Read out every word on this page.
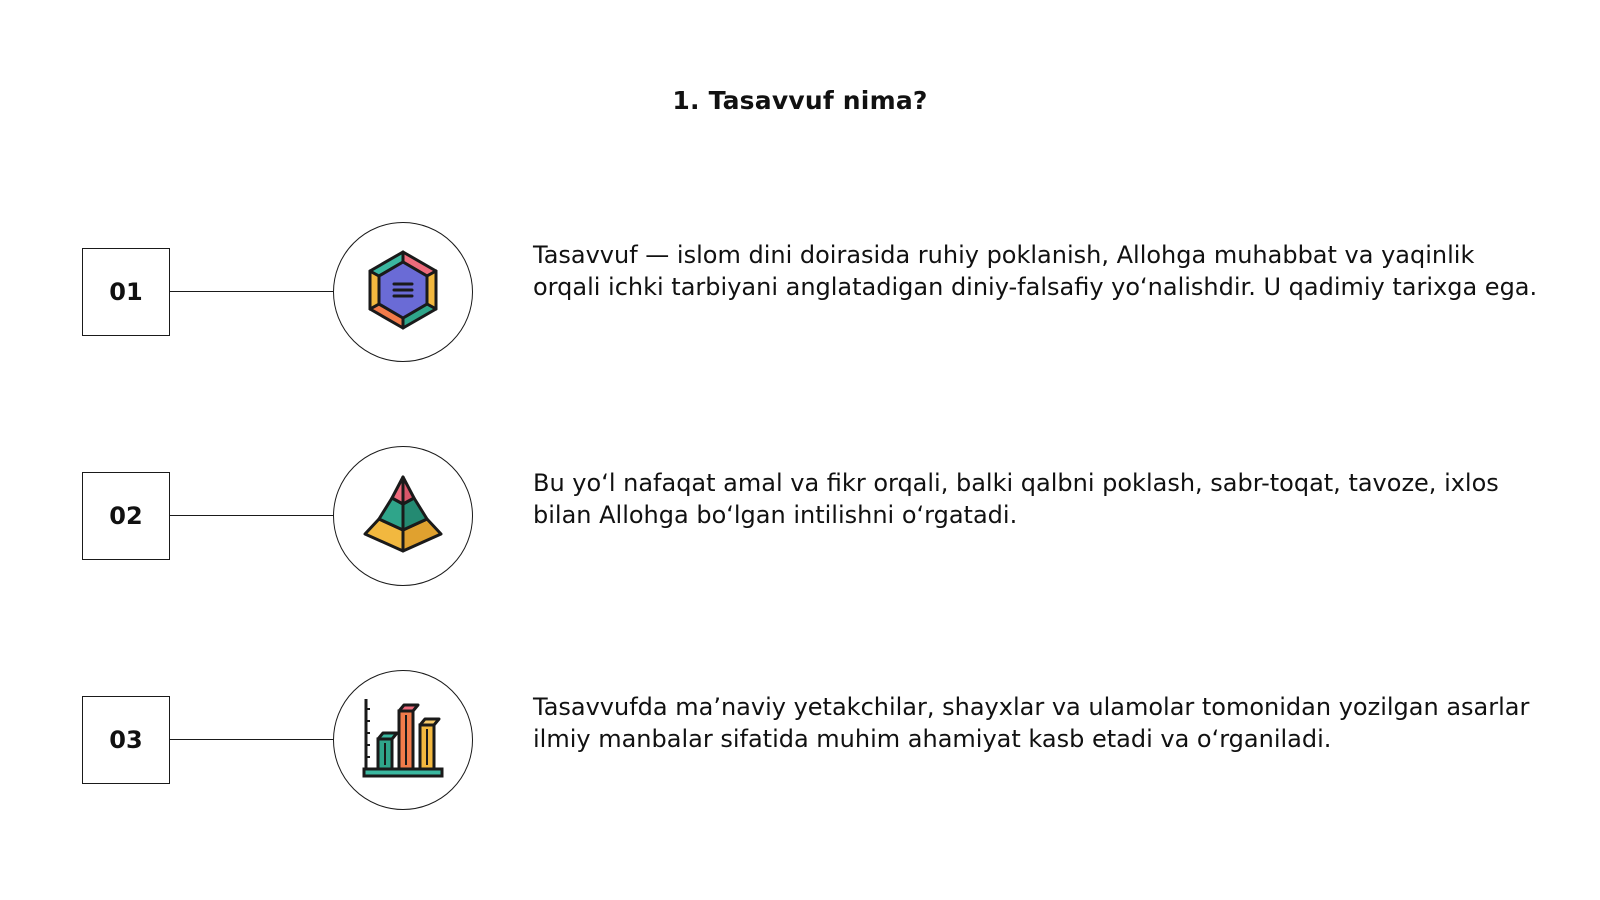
1. Tasavvuf nima?
01
Tasavvuf — islom dini doirasida ruhiy poklanish, Allohga muhabbat va yaqinlik orqali ichki tarbiyani anglatadigan diniy-falsafiy yo‘nalishdir. U qadimiy tarixga ega.
02
Bu yo‘l nafaqat amal va fikr orqali, balki qalbni poklash, sabr-toqat, tavoze, ixlos bilan Allohga bo‘lgan intilishni o‘rgatadi.
03
Tasavvufda ma’naviy yetakchilar, shayxlar va ulamolar tomonidan yozilgan asarlar ilmiy manbalar sifatida muhim ahamiyat kasb etadi va o‘rganiladi.
